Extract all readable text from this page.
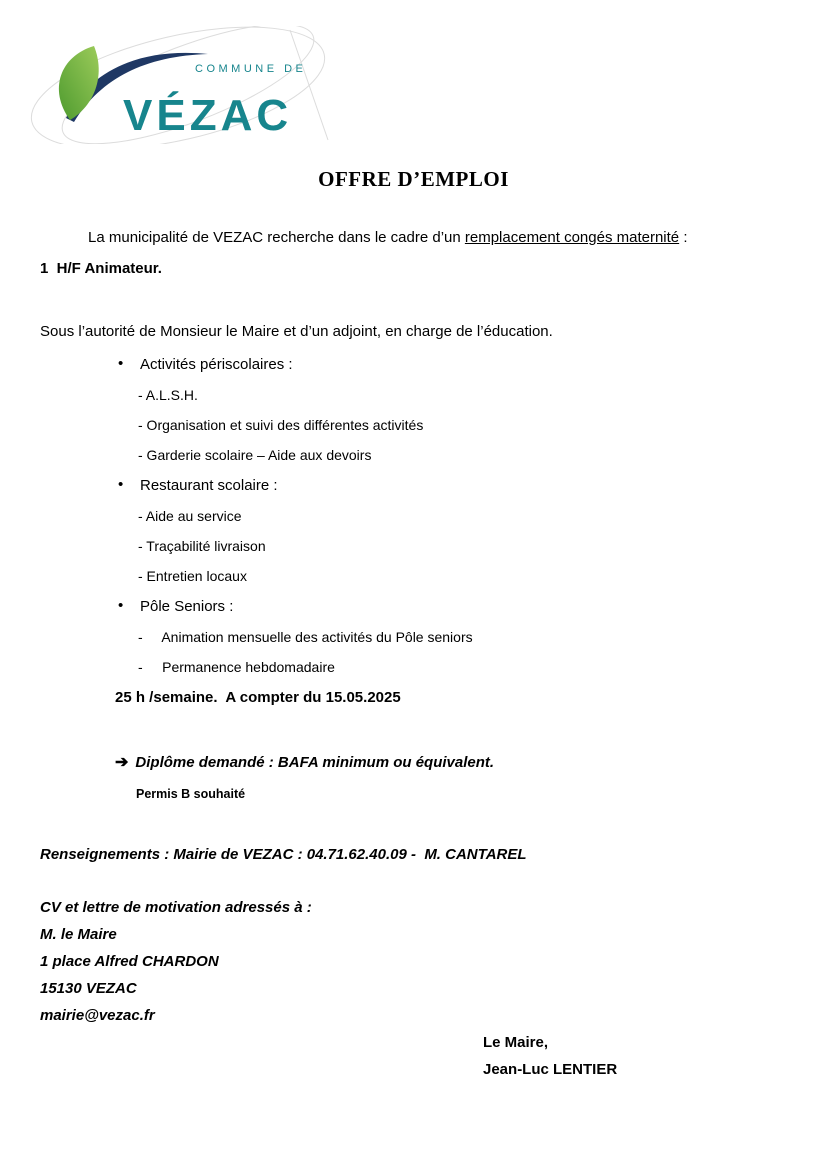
COMMUNE DE
VÉZAC
OFFRE D’EMPLOI

La municipalité de VEZAC recherche dans le cadre d’un remplacement congés maternité :

1  H/F Animateur.
Sous l’autorité de Monsieur le Maire et d’un adjoint, en charge de l’éducation.
• Activités périscolaires :
- A.L.S.H.
- Organisation et suivi des différentes activités
- Garderie scolaire – Aide aux devoirs
• Restaurant scolaire :
- Aide au service
- Traçabilité livraison
- Entretien locaux
• Pôle Seniors :
-     Animation mensuelle des activités du Pôle seniors
-     Permanence hebdomadaire
25 h /semaine.  A compter du 15.05.2025
➔ Diplôme demandé : BAFA minimum ou équivalent.
Permis B souhaité
Renseignements : Mairie de VEZAC : 04.71.62.40.09 -  M. CANTAREL
CV et lettre de motivation adressés à :
M. le Maire
1 place Alfred CHARDON
15130 VEZAC
mairie@vezac.fr
Le Maire,
Jean-Luc LENTIER
